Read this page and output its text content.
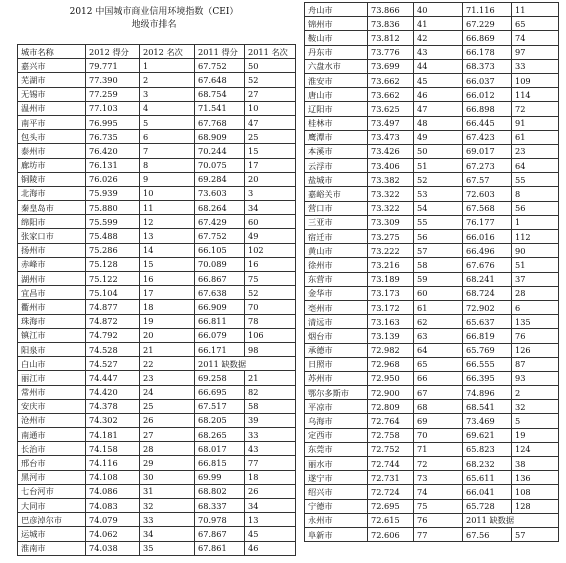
2012 中国城市商业信用环境指数（CEI）
地级市排名
城市名称	2012 得分	2012 名次	2011 得分	2011 名次
嘉兴市	79.771	1	67.752	50
芜湖市	77.390	2	67.648	52
无锡市	77.259	3	68.754	27
温州市	77.103	4	71.541	10
南平市	76.995	5	67.768	47
包头市	76.735	6	68.909	25
泰州市	76.420	7	70.244	15
廊坊市	76.131	8	70.075	17
铜陵市	76.026	9	69.284	20
北海市	75.939	10	73.603	3
秦皇岛市	75.880	11	68.264	34
绵阳市	75.599	12	67.429	60
张家口市	75.488	13	67.752	49
扬州市	75.286	14	66.105	102
赤峰市	75.128	15	70.089	16
湖州市	75.122	16	66.867	75
宜昌市	75.104	17	67.638	52
衢州市	74.877	18	66.909	70
珠海市	74.872	19	66.811	78
镇江市	74.792	20	66.079	106
阳泉市	74.528	21	66.171	98
白山市	74.527	22	2011 缺数据	
丽江市	74.447	23	69.258	21
常州市	74.420	24	66.695	82
安庆市	74.378	25	67.517	58
沧州市	74.302	26	68.205	39
南通市	74.181	27	68.265	33
长治市	74.158	28	68.017	43
邢台市	74.116	29	66.815	77
黑河市	74.108	30	69.99	18
七台河市	74.086	31	68.802	26
大同市	74.083	32	68.337	34
巴彦淖尔市	74.079	33	70.978	13
运城市	74.062	34	67.867	45
淮南市	74.038	35	67.861	46
舟山市	73.866	40	71.116	11
锦州市	73.836	41	67.229	65
鞍山市	73.812	42	66.869	74
丹东市	73.776	43	66.178	97
六盘水市	73.699	44	68.373	33
淮安市	73.662	45	66.037	109
唐山市	73.662	46	66.012	114
辽阳市	73.625	47	66.898	72
桂林市	73.497	48	66.445	91
鹰潭市	73.473	49	67.423	61
本溪市	73.426	50	69.017	23
云浮市	73.406	51	67.273	64
盐城市	73.382	52	67.57	55
嘉峪关市	73.322	53	72.603	8
营口市	73.322	54	67.568	56
三亚市	73.309	55	76.177	1
宿迁市	73.275	56	66.016	112
黄山市	73.222	57	66.496	90
徐州市	73.216	58	67.676	51
东营市	73.189	59	68.241	37
金华市	73.173	60	68.724	28
亳州市	73.172	61	72.902	6
清远市	73.163	62	65.637	135
烟台市	73.139	63	66.819	76
承德市	72.982	64	65.769	126
日照市	72.968	65	66.555	87
苏州市	72.950	66	66.395	93
鄂尔多斯市	72.900	67	74.896	2
平凉市	72.809	68	68.541	32
乌海市	72.764	69	73.469	5
定西市	72.758	70	69.621	19
东莞市	72.752	71	65.823	124
丽水市	72.744	72	68.232	38
遂宁市	72.731	73	65.611	136
绍兴市	72.724	74	66.041	108
宁德市	72.695	75	65.728	128
永州市	72.615	76	2011 缺数据	
阜新市	72.606	77	67.56	57
